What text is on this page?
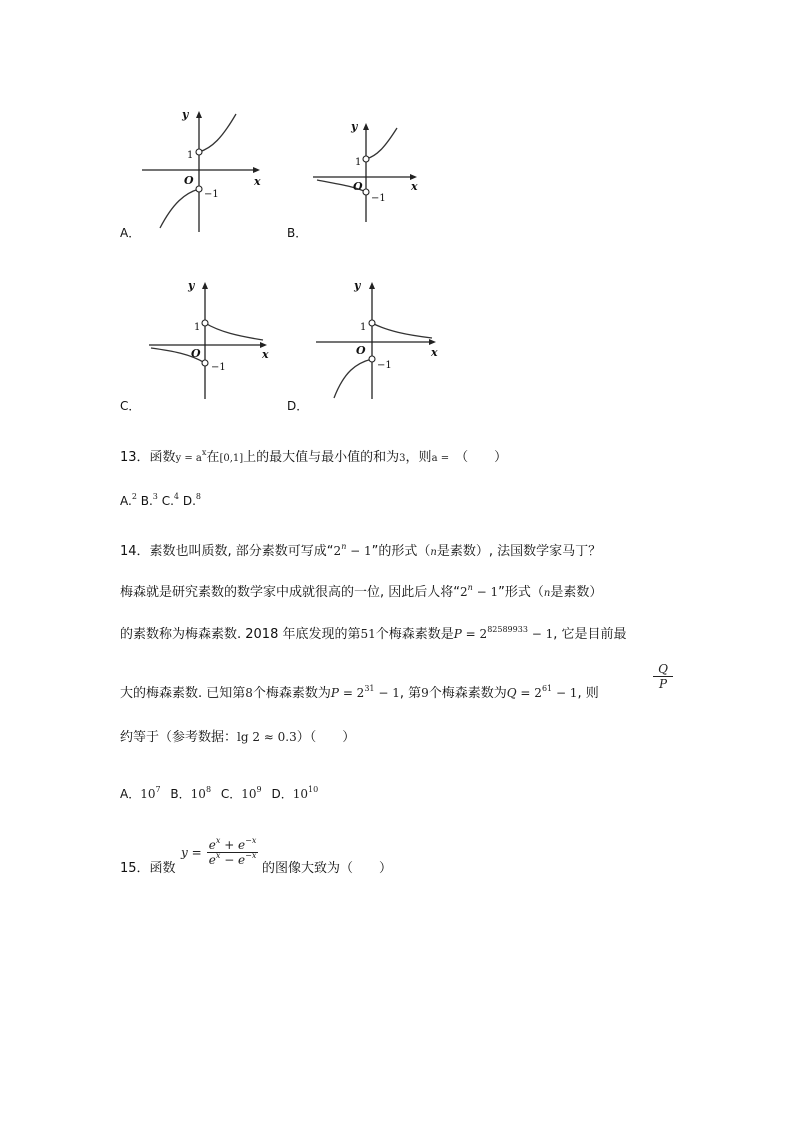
y
x
O
1
−1
A．
y
x
O
1
−1
B．
y
x
O
1
−1
C．
y
x
O
1
−1
D．
13．函数$y = a^x$在[0,1]上的最大值与最小值的和为3，则a = （　　）
A.$^2$ B.$^3$ C.$^4$ D.$^8$
14．素数也叫质数, 部分素数可写成“$2^n - 1$”的形式（n是素数）, 法国数学家马丁？
梅森就是研究素数的数学家中成就很高的一位, 因此后人将“$2^n - 1$”形式（n是素数）
的素数称为梅森素数. 2018 年底发现的第51个梅森素数是$P = 2^{82589933} - 1$, 它是目前最
大的梅森素数. 已知第8个梅森素数为$P = 2^{31} - 1$, 第9个梅森素数为$Q = 2^{61} - 1$, 则
$\frac{Q}{P}$
约等于（参考数据：lg 2 ≈ 0.3）（　　）
A．$10^7$ B．$10^8$ C．$10^9$ D．$10^{10}$
15．函数
$y = \frac{e^x + e^{-x}}{e^x - e^{-x}}$
的图像大致为（　　）
